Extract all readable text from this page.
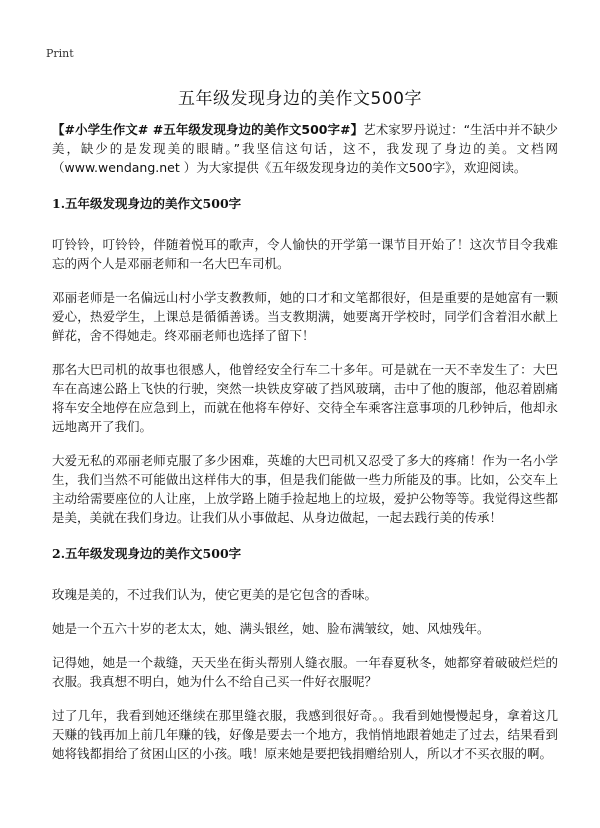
Print
五年级发现身边的美作文500字

【#小学生作文# #五年级发现身边的美作文500字#】艺术家罗丹说过：“生活中并不缺少美，缺少的是发现美的眼睛。”我坚信这句话，这不，我发现了身边的美。文档网（www.wendang.net ）为大家提供《五年级发现身边的美作文500字》，欢迎阅读。

1.五年级发现身边的美作文500字

叮铃铃，叮铃铃，伴随着悦耳的歌声，令人愉快的开学第一课节目开始了！这次节目令我难忘的两个人是邓丽老师和一名大巴车司机。

邓丽老师是一名偏远山村小学支教教师，她的口才和文笔都很好，但是重要的是她富有一颗爱心，热爱学生，上课总是循循善诱。当支教期满，她要离开学校时，同学们含着泪水献上鲜花，舍不得她走。终邓丽老师也选择了留下！

那名大巴司机的故事也很感人，他曾经安全行车二十多年。可是就在一天不幸发生了：大巴车在高速公路上飞快的行驶，突然一块铁皮穿破了挡风玻璃，击中了他的腹部，他忍着剧痛将车安全地停在应急到上，而就在他将车停好、交待全车乘客注意事项的几秒钟后，他却永远地离开了我们。

大爱无私的邓丽老师克服了多少困难，英雄的大巴司机又忍受了多大的疼痛！作为一名小学生，我们当然不可能做出这样伟大的事，但是我们能做一些力所能及的事。比如，公交车上主动给需要座位的人让座，上放学路上随手捡起地上的垃圾，爱护公物等等。我觉得这些都是美，美就在我们身边。让我们从小事做起、从身边做起，一起去践行美的传承！

2.五年级发现身边的美作文500字

玫瑰是美的，不过我们认为，使它更美的是它包含的香味。

她是一个五六十岁的老太太，她、满头银丝，她、脸布满皱纹，她、风烛残年。

记得她，她是一个裁缝，天天坐在街头帮别人缝衣服。一年春夏秋冬，她都穿着破破烂烂的衣服。我真想不明白，她为什么不给自己买一件好衣服呢？

过了几年，我看到她还继续在那里缝衣服，我感到很好奇。。我看到她慢慢起身，拿着这几天赚的钱再加上前几年赚的钱，好像是要去一个地方，我悄悄地跟着她走了过去，结果看到她将钱都捐给了贫困山区的小孩。哦！原来她是要把钱捐赠给别人，所以才不买衣服的啊。
